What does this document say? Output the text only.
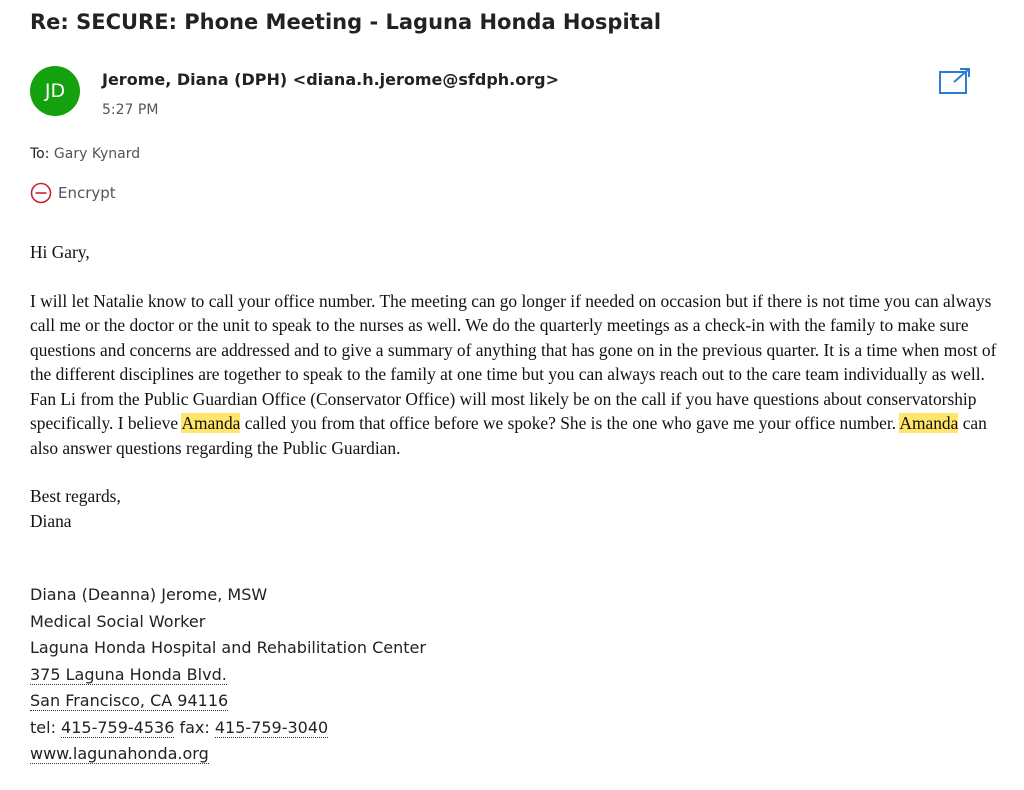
Re: SECURE: Phone Meeting - Laguna Honda Hospital
JD
Jerome, Diana (DPH) <diana.h.jerome@sfdph.org>
5:27 PM
To: Gary Kynard
Encrypt

Hi Gary,

I will let Natalie know to call your office number. The meeting can go longer if needed on occasion but if there is not time you can always call me or the doctor or the unit to speak to the nurses as well. We do the quarterly meetings as a check-in with the family to make sure questions and concerns are addressed and to give a summary of anything that has gone on in the previous quarter. It is a time when most of the different disciplines are together to speak to the family at one time but you can always reach out to the care team individually as well. Fan Li from the Public Guardian Office (Conservator Office) will most likely be on the call if you have questions about conservatorship specifically. I believe Amanda called you from that office before we spoke? She is the one who gave me your office number. Amanda can also answer questions regarding the Public Guardian.

Best regards,

Diana

Diana (Deanna) Jerome, MSW
Medical Social Worker
Laguna Honda Hospital and Rehabilitation Center
375 Laguna Honda Blvd.
San Francisco, CA 94116
tel: 415-759-4536 fax: 415-759-3040
www.lagunahonda.org
